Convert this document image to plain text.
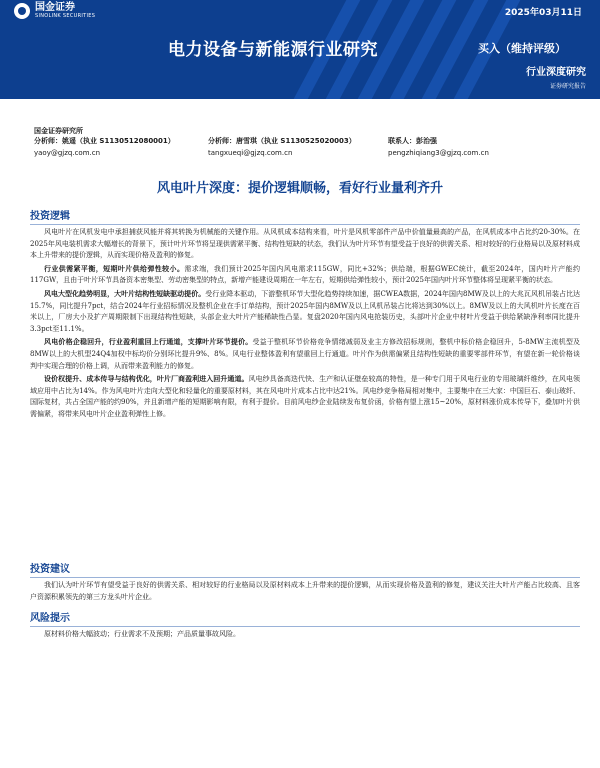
国金证券
SINOLINK SECURITIES	2025年03月11日
电力设备与新能源行业研究	买入（维持评级）
行业深度研究
证券研究报告
国金证券研究所
分析师：姚遥（执业 S1130512080001）	分析师：唐雪琪（执业 S1130525020003）	联系人：彭治强
yaoy@gjzq.com.cn	tangxueqi@gjzq.com.cn	pengzhiqiang3@gjzq.com.cn
风电叶片深度：提价逻辑顺畅，看好行业量利齐升
投资逻辑

风电叶片在风机发电中承担捕获风能并将其转换为机械能的关键作用。从风机成本结构来看，叶片是风机零部件产品中价值量最高的产品，在风机成本中占比约20-30%。在2025年风电装机需求大幅增长的背景下，预计叶片环节将呈现供需紧平衡、结构性短缺的状态，我们认为叶片环节有望受益于良好的供需关系、相对较好的行业格局以及原材料成本上升带来的提价逻辑，从而实现价格及盈利的修复。

行业供需紧平衡，短期叶片供给弹性较小。需求端，我们预计2025年国内风电需求115GW，同比+32%；供给端，根据GWEC统计，截至2024年，国内叶片产能约117GW，且由于叶片环节具备资本密集型、劳动密集型的特点，新增产能建设周期在一年左右，短期供给弹性较小，预计2025年国内叶片环节整体将呈现紧平衡的状态。

风电大型化趋势明显，大叶片结构性短缺驱动提价。受行业降本驱动，下游整机环节大型化趋势持续加速，据CWEA数据，2024年国内8MW及以上的大兆瓦风机吊装占比达15.7%，同比提升7pct，结合2024年行业招标情况及整机企业在手订单结构，预计2025年国内8MW及以上风机吊装占比将达到30%以上。8MW及以上的大风机叶片长度在百米以上，厂房大小及扩产周期限制下出现结构性短缺，头部企业大叶片产能稀缺性凸显。复盘2020年国内风电抢装历史，头部叶片企业中材叶片受益于供给紧缺净利率同比提升3.3pct至11.1%。

风电价格企稳回升，行业盈利重回上行通道，支撑叶片环节提价。受益于整机环节价格竞争情绪减弱及业主方修改招标规则，整机中标价格企稳回升，5-8MW主流机型及8MW以上的大机型24Q4加权中标均价分别环比提升9%、8%。风电行业整体盈利有望重回上行通道。叶片作为供需偏紧且结构性短缺的重要零部件环节，有望在新一轮价格谈判中实现合理的价格上调，从而带来盈利能力的修复。

设价权提升、成本传导与结构优化，叶片厂商盈利进入回升通道。风电纱具备高迭代快、生产和认证壁垒较高的特性，是一种专门用于风电行业的专用玻璃纤维纱，在风电领域应用中占比为14%。作为风电叶片走向大型化和轻量化的重要原材料，其在风电叶片成本占比中达21%。风电纱竞争格局相对集中，主要集中在三大家：中国巨石、泰山玻纤、国际复材，共占全国产能的约90%，并且新增产能的短期影响有限，有利于提价。目前风电纱企业陆续发布复价函，价格有望上涨15~20%，原材料涨价成本传导下，叠加叶片供需偏紧，将带来风电叶片企业盈利弹性上修。

投资建议

我们认为叶片环节有望受益于良好的供需关系、相对较好的行业格局以及原材料成本上升带来的提价逻辑，从而实现价格及盈利的修复，建议关注大叶片产能占比较高、且客户资源积累领先的第三方龙头叶片企业。

风险提示

原材料价格大幅波动；行业需求不及预期；产品质量事故风险。
